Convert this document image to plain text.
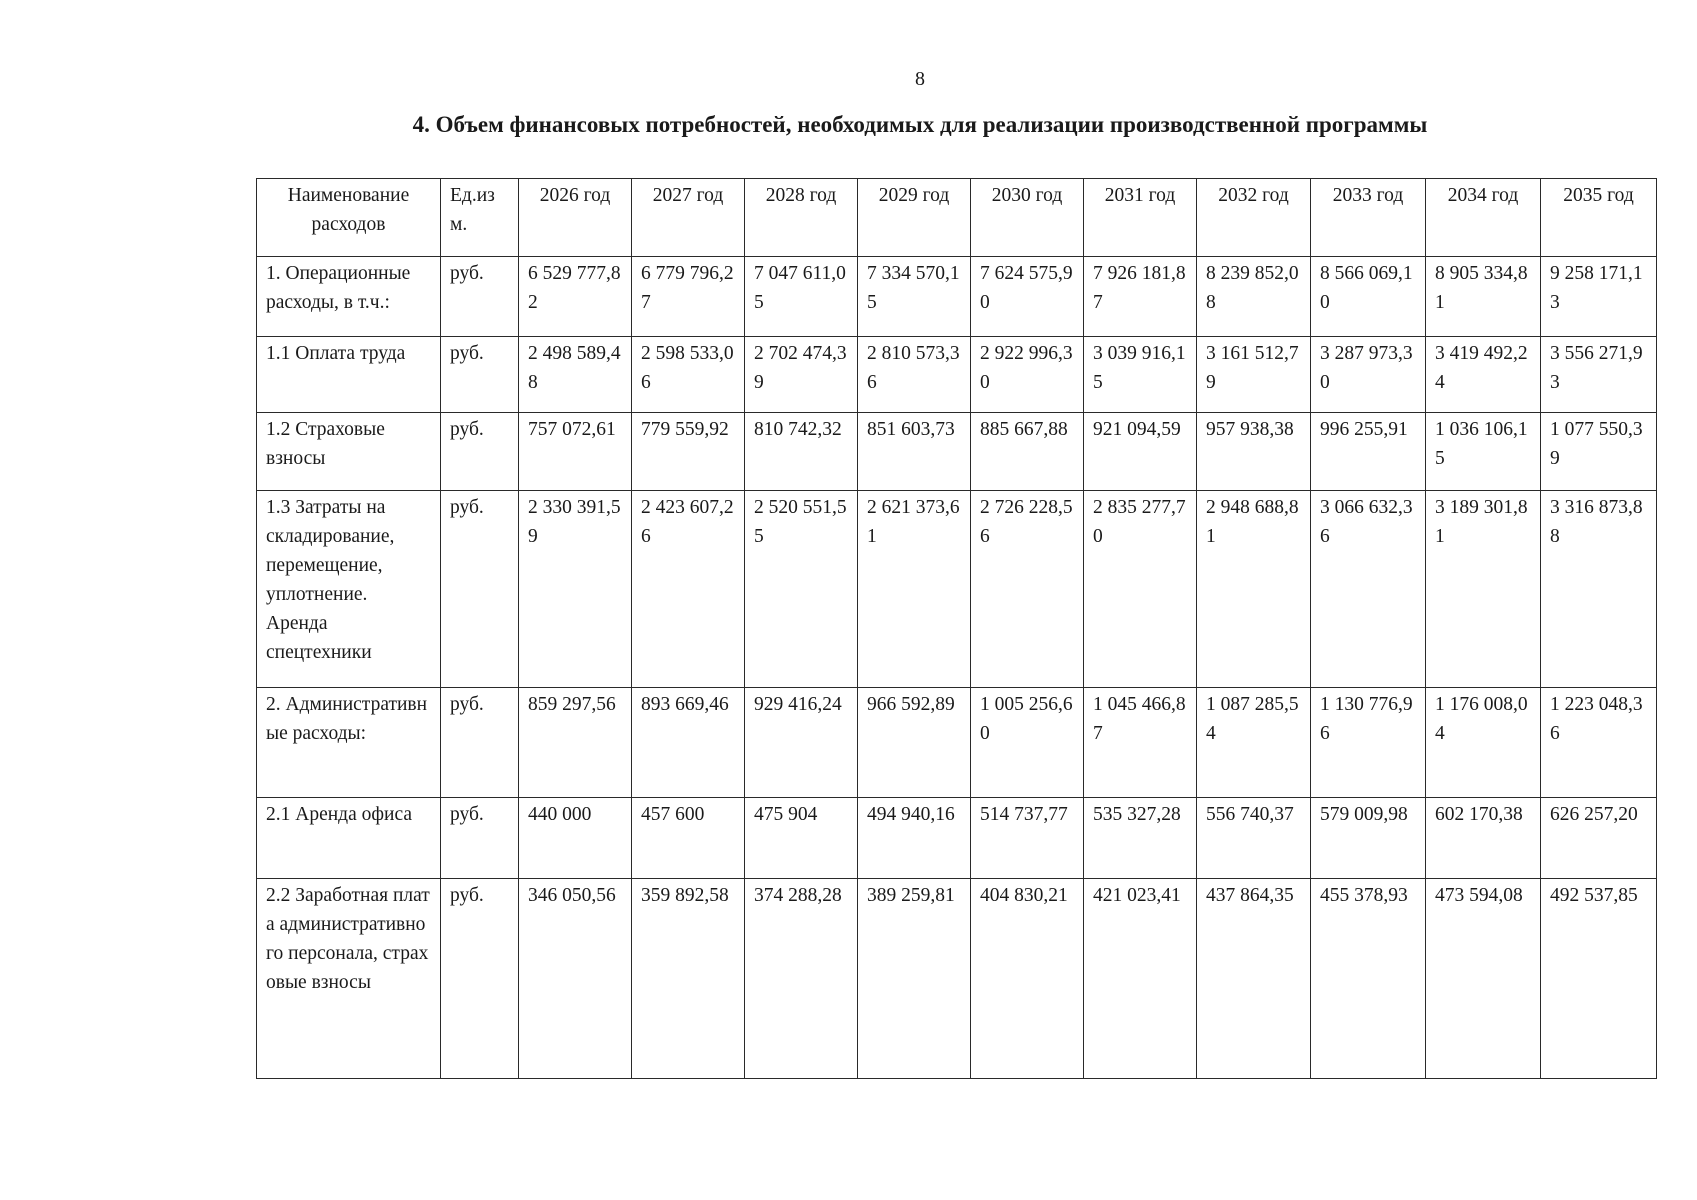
8
4. Объем финансовых потребностей, необходимых для реализации производственной программы
Наименование расходов	Ед.изм.	2026 год	2027 год	2028 год	2029 год	2030 год	2031 год	2032 год	2033 год	2034 год	2035 год
1. Операционные расходы, в т.ч.:	руб.	6 529 777,82	6 779 796,27	7 047 611,05	7 334 570,15	7 624 575,90	7 926 181,87	8 239 852,08	8 566 069,10	8 905 334,81	9 258 171,13
1.1 Оплата труда	руб.	2 498 589,48	2 598 533,06	2 702 474,39	2 810 573,36	2 922 996,30	3 039 916,15	3 161 512,79	3 287 973,30	3 419 492,24	3 556 271,93
1.2 Страховые взносы	руб.	757 072,61	779 559,92	810 742,32	851 603,73	885 667,88	921 094,59	957 938,38	996 255,91	1 036 106,15	1 077 550,39
1.3 Затраты на складирование, перемещение, уплотнение. Аренда спецтехники	руб.	2 330 391,59	2 423 607,26	2 520 551,55	2 621 373,61	2 726 228,56	2 835 277,70	2 948 688,81	3 066 632,36	3 189 301,81	3 316 873,88
2. Административные расходы:	руб.	859 297,56	893 669,46	929 416,24	966 592,89	1 005 256,60	1 045 466,87	1 087 285,54	1 130 776,96	1 176 008,04	1 223 048,36
2.1 Аренда офиса	руб.	440 000	457 600	475 904	494 940,16	514 737,77	535 327,28	556 740,37	579 009,98	602 170,38	626 257,20
2.2 Заработная плата административного персонала, страховые взносы	руб.	346 050,56	359 892,58	374 288,28	389 259,81	404 830,21	421 023,41	437 864,35	455 378,93	473 594,08	492 537,85
